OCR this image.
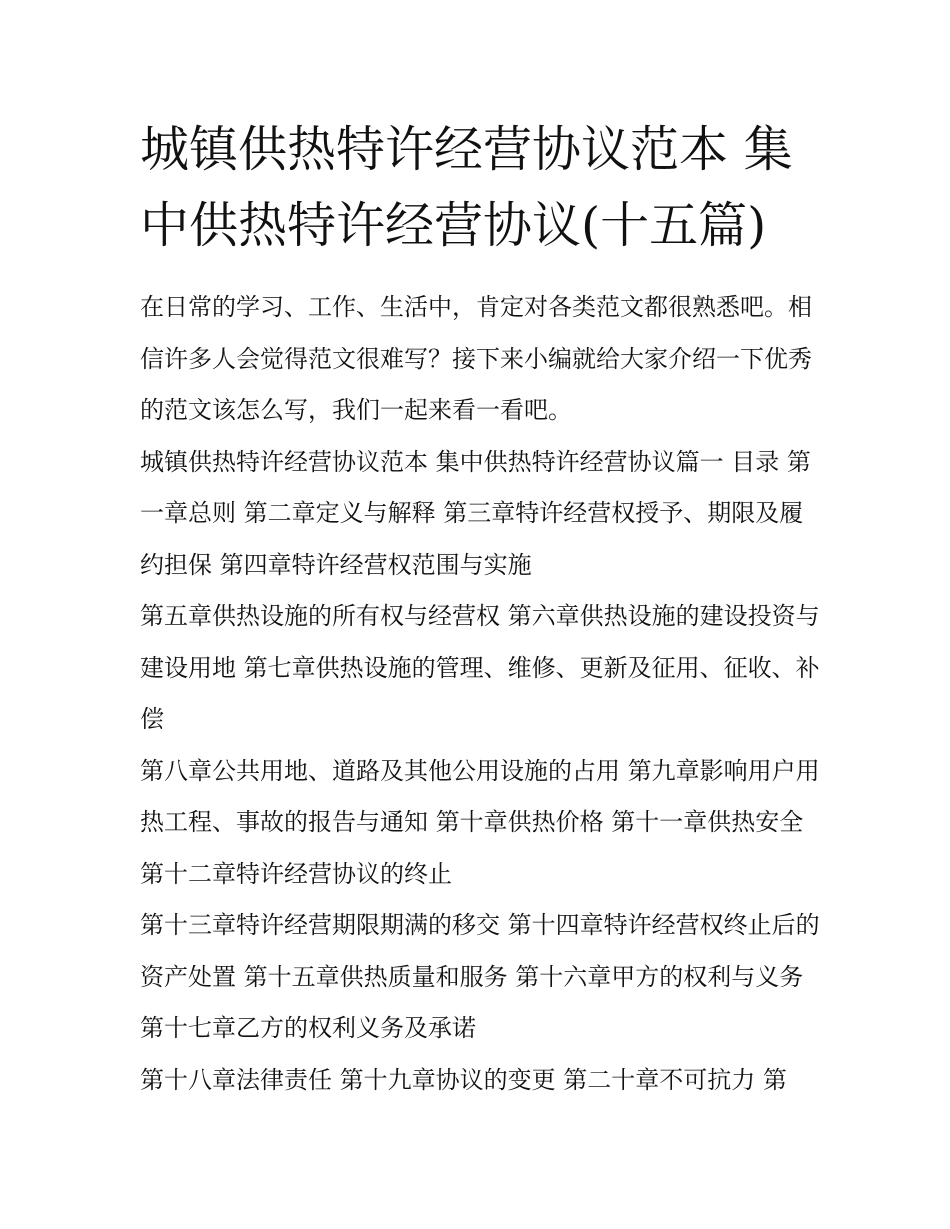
城镇供热特许经营协议范本 集
中供热特许经营协议(十五篇)

在日常的学习、工作、生活中，肯定对各类范文都很熟悉吧。相信许多人会觉得范文很难写？接下来小编就给大家介绍一下优秀的范文该怎么写，我们一起来看一看吧。

城镇供热特许经营协议范本 集中供热特许经营协议篇一 目录 第一章总则 第二章定义与解释 第三章特许经营权授予、期限及履约担保 第四章特许经营权范围与实施

第五章供热设施的所有权与经营权 第六章供热设施的建设投资与建设用地 第七章供热设施的管理、维修、更新及征用、征收、补偿

第八章公共用地、道路及其他公用设施的占用 第九章影响用户用热工程、事故的报告与通知 第十章供热价格 第十一章供热安全 第十二章特许经营协议的终止

第十三章特许经营期限期满的移交 第十四章特许经营权终止后的资产处置 第十五章供热质量和服务 第十六章甲方的权利与义务 第十七章乙方的权利义务及承诺

第十八章法律责任 第十九章协议的变更 第二十章不可抗力 第
